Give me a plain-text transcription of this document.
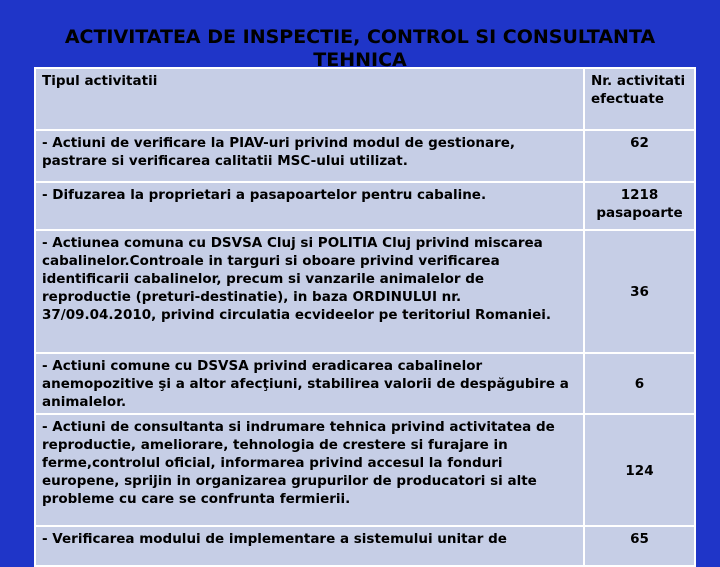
ACTIVITATEA DE INSPECTIE, CONTROL SI CONSULTANTA TEHNICA
Tipul activitatii	Nr. activitati efectuate
- Actiuni de verificare la PIAV-uri privind modul de gestionare, pastrare si verificarea calitatii MSC-ului utilizat.	62
- Difuzarea la proprietari a pasapoartelor pentru cabaline.	1218 pasapoarte
- Actiunea comuna cu DSVSA Cluj si POLITIA Cluj privind miscarea cabalinelor.Controale in targuri si oboare privind verificarea identificarii cabalinelor, precum si vanzarile animalelor de reproductie (preturi-destinatie), in baza ORDINULUI nr. 37/09.04.2010, privind circulatia ecvideelor pe teritoriul Romaniei.	36
- Actiuni comune cu DSVSA privind eradicarea cabalinelor anemopozitive şi a altor afecţiuni, stabilirea valorii de despăgubire a animalelor.	6
- Actiuni de consultanta si indrumare tehnica privind activitatea de reproductie, ameliorare, tehnologia de crestere si furajare in ferme,controlul oficial, informarea privind accesul la fonduri europene, sprijin in organizarea grupurilor de producatori si alte probleme cu care se confrunta fermierii.	124
- Verificarea modului de implementare a sistemului unitar de	65
